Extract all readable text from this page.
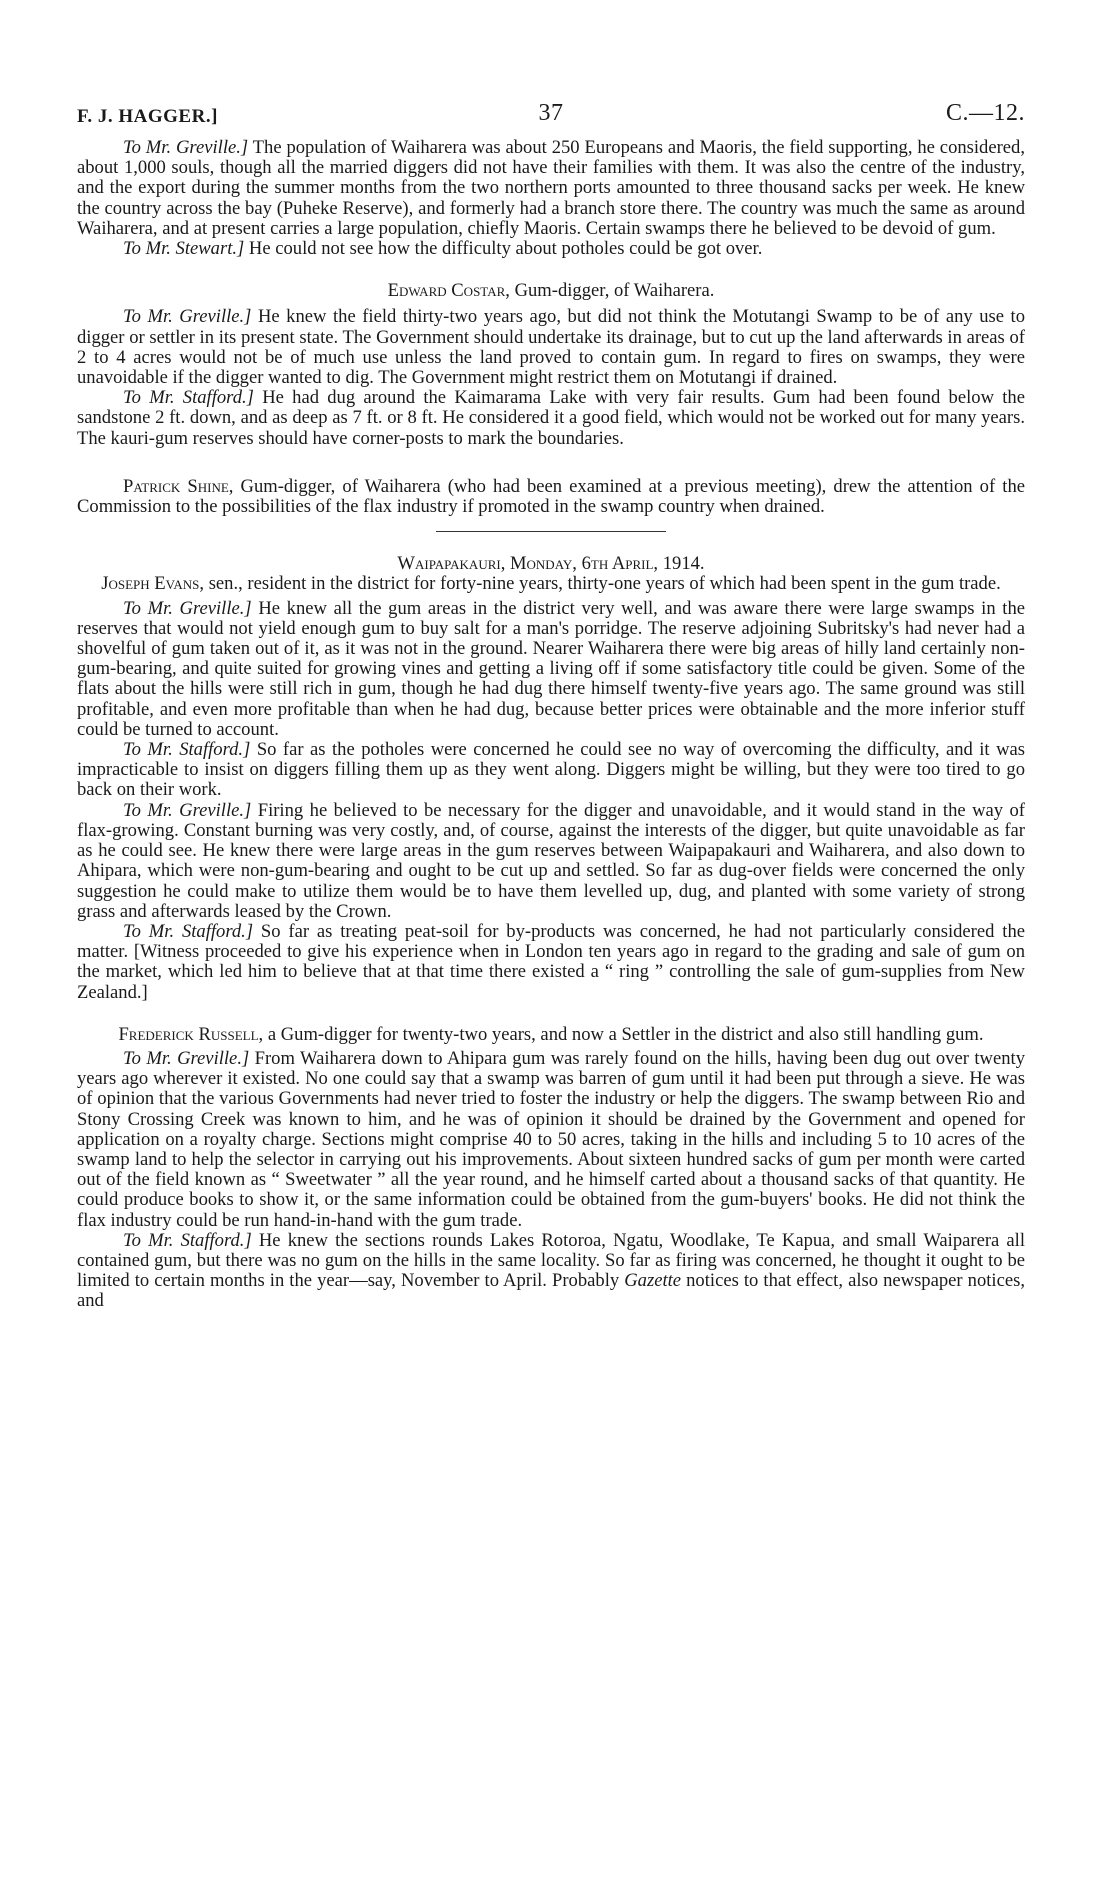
F. J. HAGGER.]	37	C.—12.

To Mr. Greville.] The population of Waiharera was about 250 Europeans and Maoris, the field supporting, he considered, about 1,000 souls, though all the married diggers did not have their families with them. It was also the centre of the industry, and the export during the summer months from the two northern ports amounted to three thousand sacks per week. He knew the country across the bay (Puheke Reserve), and formerly had a branch store there. The country was much the same as around Waiharera, and at present carries a large population, chiefly Maoris. Certain swamps there he believed to be devoid of gum.

To Mr. Stewart.] He could not see how the difficulty about potholes could be got over.

Edward Costar, Gum-digger, of Waiharera.

To Mr. Greville.] He knew the field thirty-two years ago, but did not think the Motutangi Swamp to be of any use to digger or settler in its present state. The Government should undertake its drainage, but to cut up the land afterwards in areas of 2 to 4 acres would not be of much use unless the land proved to contain gum. In regard to fires on swamps, they were unavoidable if the digger wanted to dig. The Government might restrict them on Motutangi if drained.

To Mr. Stafford.] He had dug around the Kaimarama Lake with very fair results. Gum had been found below the sandstone 2 ft. down, and as deep as 7 ft. or 8 ft. He considered it a good field, which would not be worked out for many years. The kauri-gum reserves should have corner-posts to mark the boundaries.

Patrick Shine, Gum-digger, of Waiharera (who had been examined at a previous meeting), drew the attention of the Commission to the possibilities of the flax industry if promoted in the swamp country when drained.

Waipapakauri, Monday, 6th April, 1914.

Joseph Evans, sen., resident in the district for forty-nine years, thirty-one years of which had been spent in the gum trade.

To Mr. Greville.] He knew all the gum areas in the district very well, and was aware there were large swamps in the reserves that would not yield enough gum to buy salt for a man's porridge. The reserve adjoining Subritsky's had never had a shovelful of gum taken out of it, as it was not in the ground. Nearer Waiharera there were big areas of hilly land certainly non-gum-bearing, and quite suited for growing vines and getting a living off if some satisfactory title could be given. Some of the flats about the hills were still rich in gum, though he had dug there himself twenty-five years ago. The same ground was still profitable, and even more profitable than when he had dug, because better prices were obtainable and the more inferior stuff could be turned to account.

To Mr. Stafford.] So far as the potholes were concerned he could see no way of overcoming the difficulty, and it was impracticable to insist on diggers filling them up as they went along. Diggers might be willing, but they were too tired to go back on their work.

To Mr. Greville.] Firing he believed to be necessary for the digger and unavoidable, and it would stand in the way of flax-growing. Constant burning was very costly, and, of course, against the interests of the digger, but quite unavoidable as far as he could see. He knew there were large areas in the gum reserves between Waipapakauri and Waiharera, and also down to Ahipara, which were non-gum-bearing and ought to be cut up and settled. So far as dug-over fields were concerned the only suggestion he could make to utilize them would be to have them levelled up, dug, and planted with some variety of strong grass and afterwards leased by the Crown.

To Mr. Stafford.] So far as treating peat-soil for by-products was concerned, he had not particularly considered the matter. [Witness proceeded to give his experience when in London ten years ago in regard to the grading and sale of gum on the market, which led him to believe that at that time there existed a “ ring ” controlling the sale of gum-supplies from New Zealand.]

Frederick Russell, a Gum-digger for twenty-two years, and now a Settler in the district and also still handling gum.

To Mr. Greville.] From Waiharera down to Ahipara gum was rarely found on the hills, having been dug out over twenty years ago wherever it existed. No one could say that a swamp was barren of gum until it had been put through a sieve. He was of opinion that the various Governments had never tried to foster the industry or help the diggers. The swamp between Rio and Stony Crossing Creek was known to him, and he was of opinion it should be drained by the Government and opened for application on a royalty charge. Sections might comprise 40 to 50 acres, taking in the hills and including 5 to 10 acres of the swamp land to help the selector in carrying out his improvements. About sixteen hundred sacks of gum per month were carted out of the field known as “ Sweetwater ” all the year round, and he himself carted about a thousand sacks of that quantity. He could produce books to show it, or the same information could be obtained from the gum-buyers' books. He did not think the flax industry could be run hand-in-hand with the gum trade.

To Mr. Stafford.] He knew the sections rounds Lakes Rotoroa, Ngatu, Woodlake, Te Kapua, and small Waiparera all contained gum, but there was no gum on the hills in the same locality. So far as firing was concerned, he thought it ought to be limited to certain months in the year—say, November to April. Probably Gazette notices to that effect, also newspaper notices, and
